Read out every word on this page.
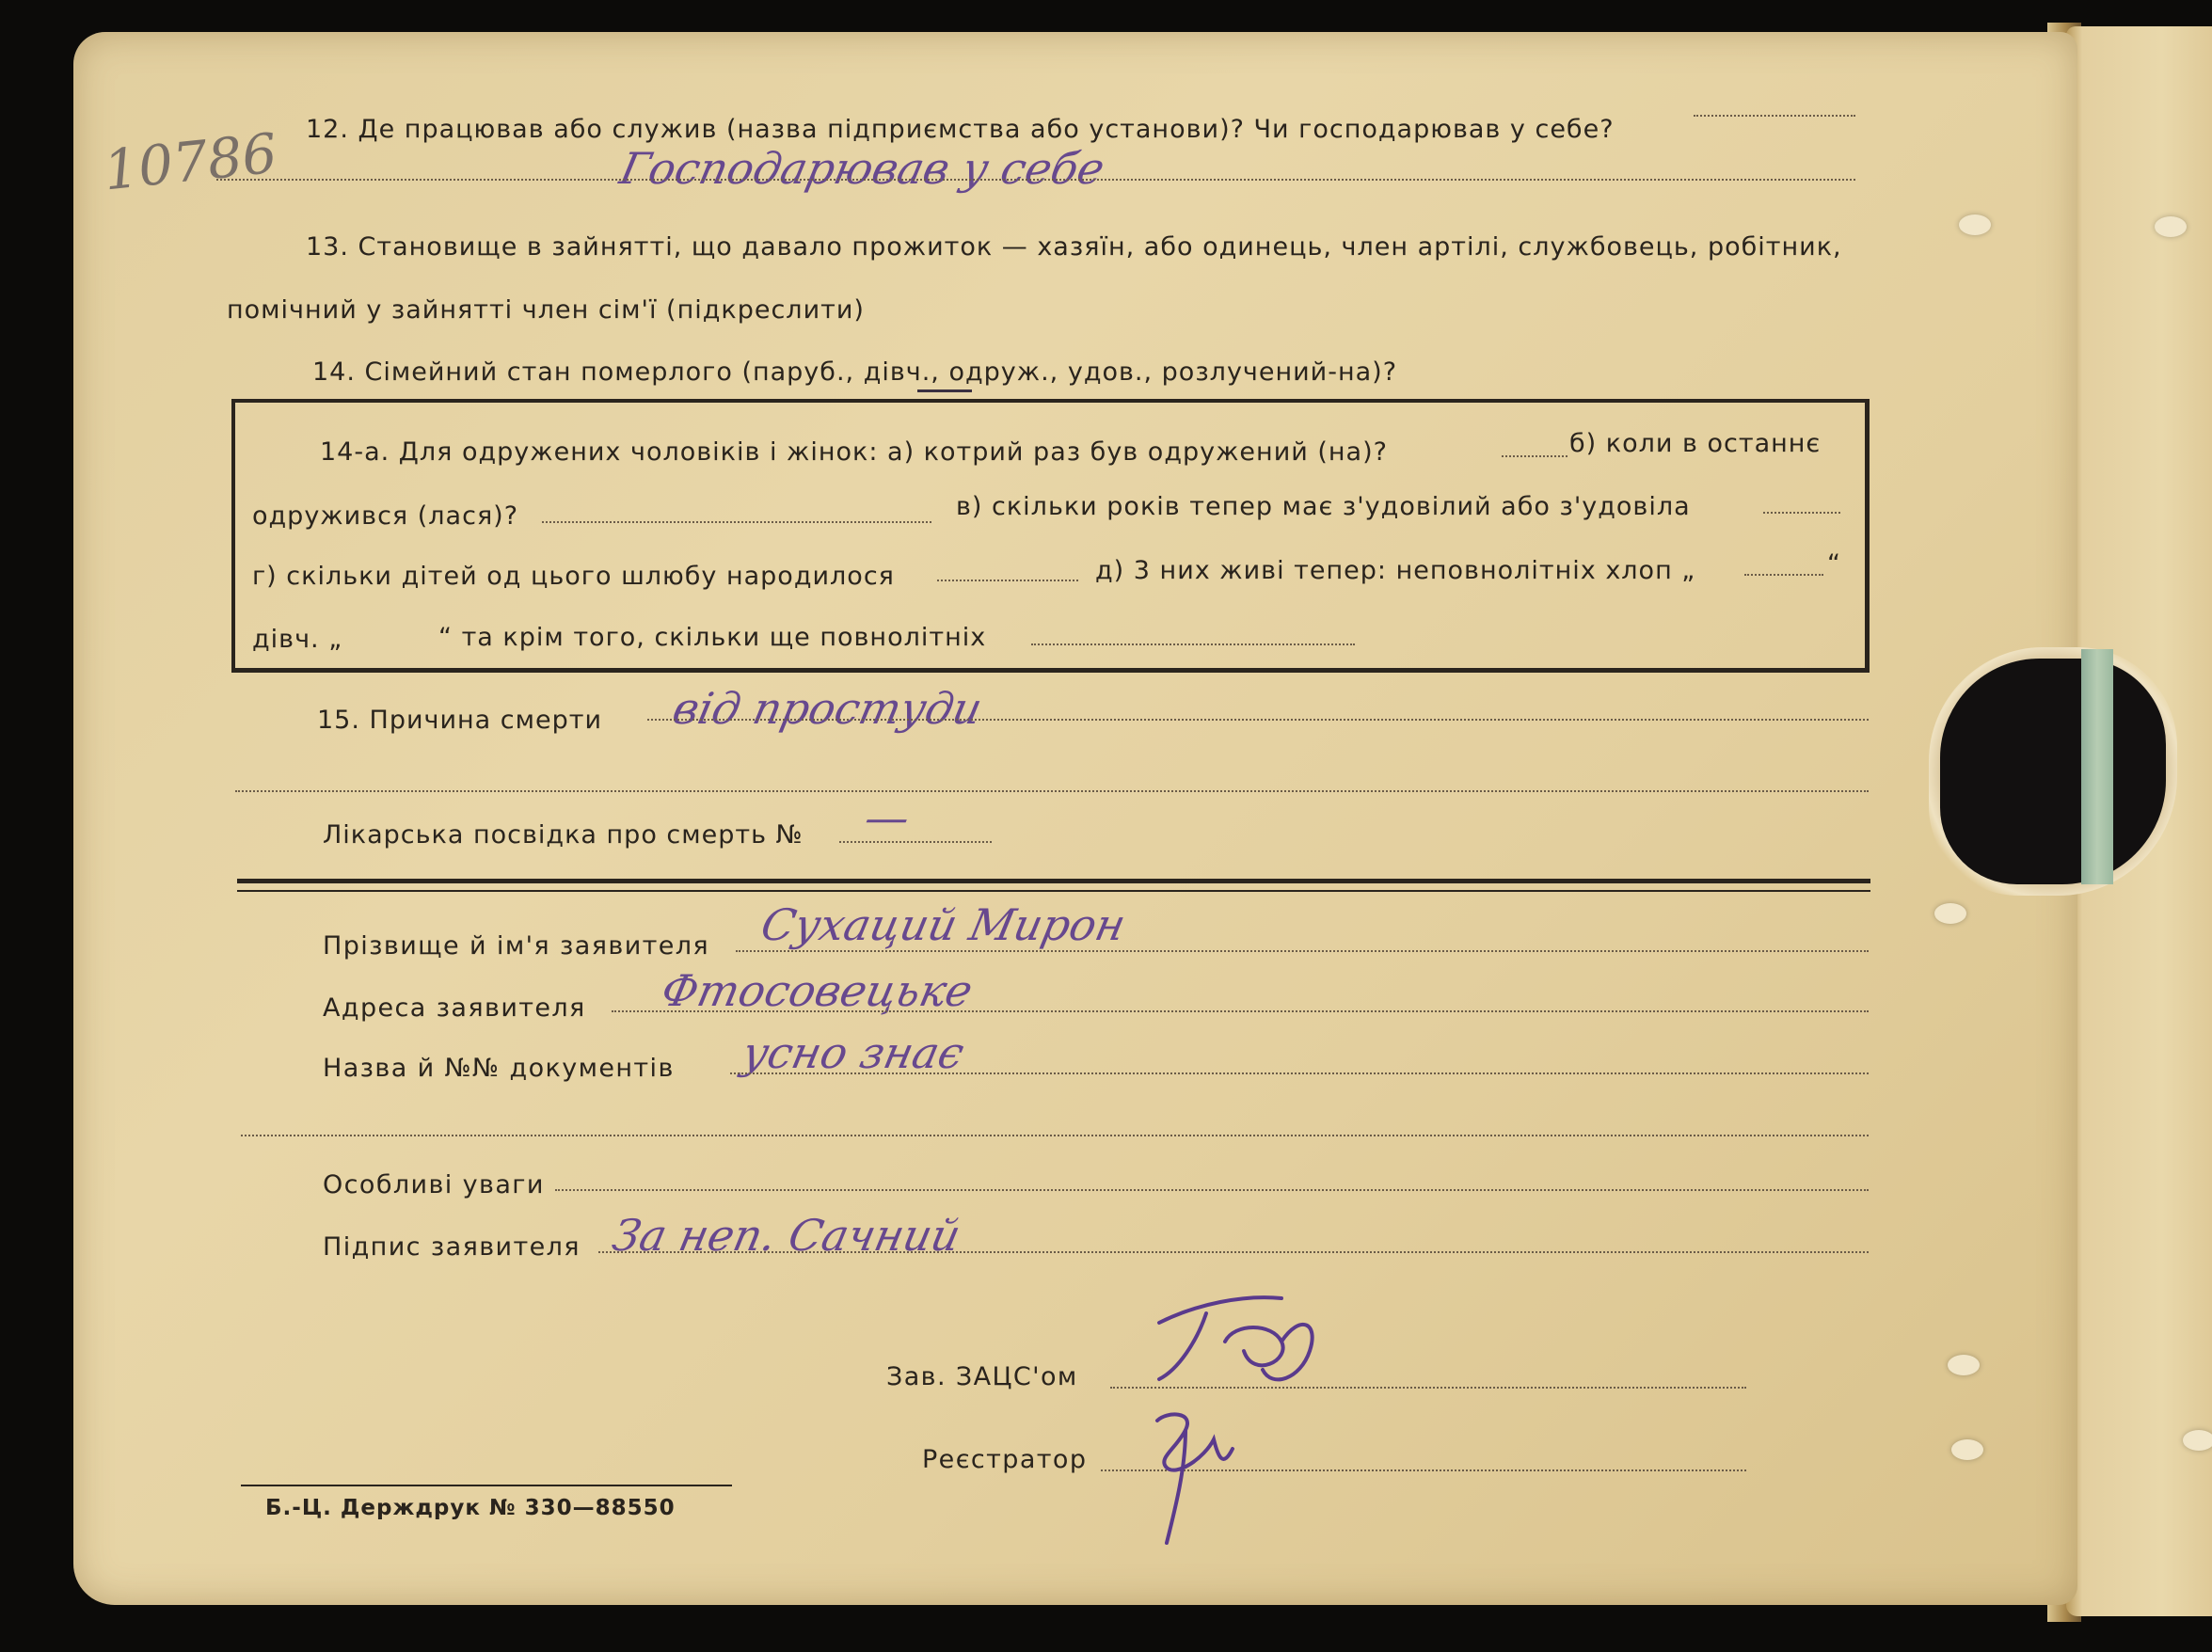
10786 12. Де працював або служив (назва підприємства або установи)? Чи господарював у себе?
Господарював у себе
13. Становище в зайнятті, що давало прожиток — хазяїн, або одинець, член артілі, службовець, робітник,
помічний у зайнятті член сім'ї (підкреслити)
14. Сімейний стан померлого (паруб., дівч., одруж., удов., розлучений-на)?
14-а. Для одружених чоловіків і жінок: а) котрий раз був одружений (на)?	б) коли в останнє
одружився (лася)?	в) скільки років тепер має з'удовілий або з'удовіла
г) скільки дітей од цього шлюбу народилося	д) 3 них живі тепер: неповнолітніх хлоп „	“
дівч. „	“ та крім того, скільки ще повнолітніх
15. Причина смерти від простуди
Лікарська посвідка про смерть № —
Прізвище й ім'я заявителя Сухаций Мирон
Адреса заявителя Фтосовецьке
Назва й №№ документів усно знає
Особливі уваги
Підпис заявителя За неп. Сачний
Зав. ЗАЦС'ом
Реєстратор
Б.-Ц. Держдрук № 330—88550
